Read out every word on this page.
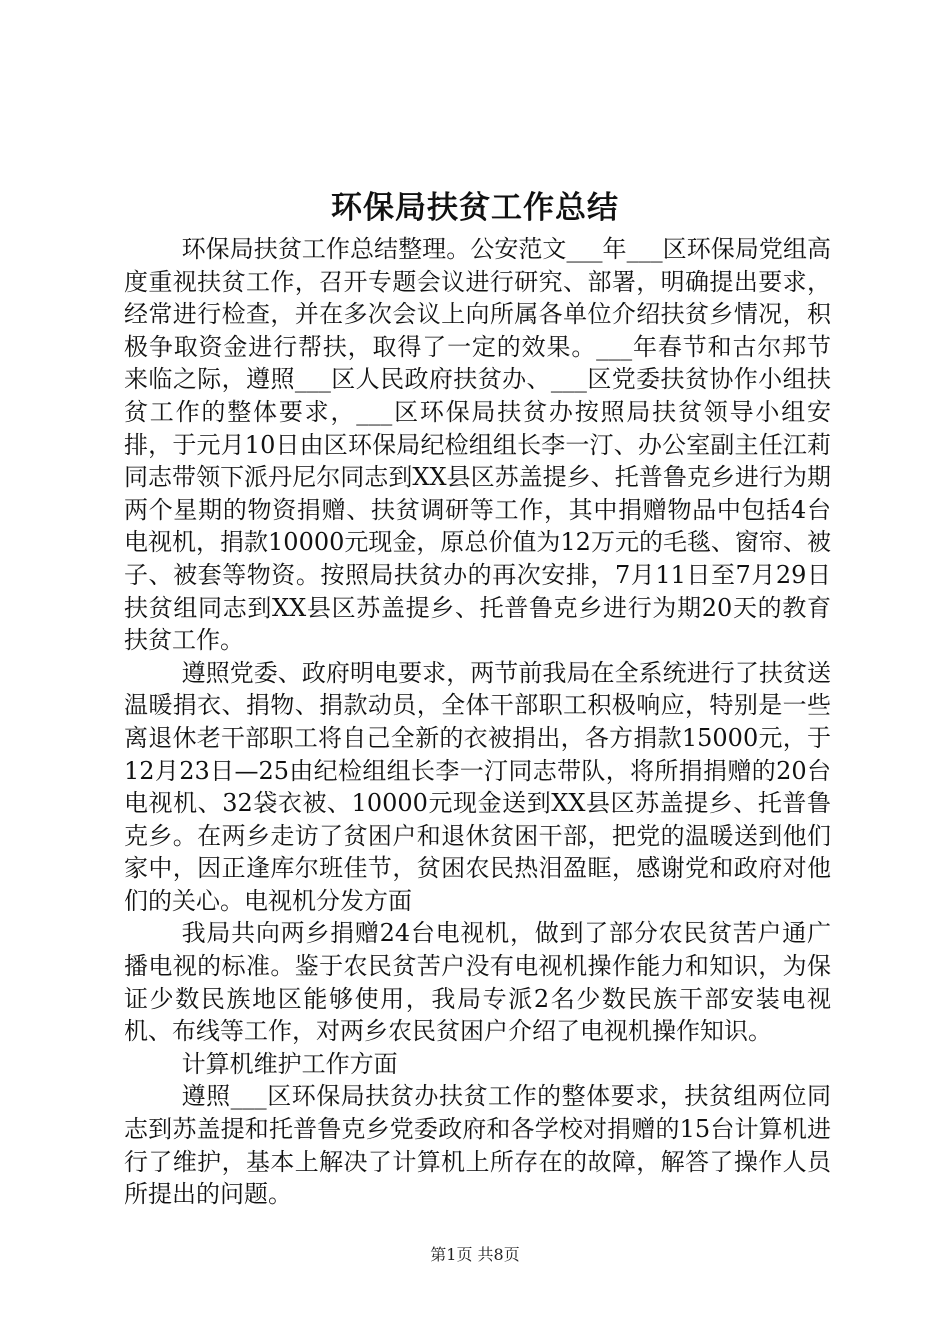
环保局扶贫工作总结

环保局扶贫工作总结整理。公安范文___年___区环保局党组高度重视扶贫工作，召开专题会议进行研究、部署，明确提出要求，经常进行检查，并在多次会议上向所属各单位介绍扶贫乡情况，积极争取资金进行帮扶，取得了一定的效果。___年春节和古尔邦节来临之际，遵照___区人民政府扶贫办、___区党委扶贫协作小组扶贫工作的整体要求，___区环保局扶贫办按照局扶贫领导小组安排，于元月10日由区环保局纪检组组长李一汀、办公室副主任江莉同志带领下派丹尼尔同志到XX县区苏盖提乡、托普鲁克乡进行为期两个星期的物资捐赠、扶贫调研等工作，其中捐赠物品中包括4台电视机，捐款10000元现金，原总价值为12万元的毛毯、窗帘、被子、被套等物资。按照局扶贫办的再次安排，7月11日至7月29日扶贫组同志到XX县区苏盖提乡、托普鲁克乡进行为期20天的教育扶贫工作。

遵照党委、政府明电要求，两节前我局在全系统进行了扶贫送温暖捐衣、捐物、捐款动员，全体干部职工积极响应，特别是一些离退休老干部职工将自己全新的衣被捐出，各方捐款15000元，于12月23日—25由纪检组组长李一汀同志带队，将所捐捐赠的20台电视机、32袋衣被、10000元现金送到XX县区苏盖提乡、托普鲁克乡。在两乡走访了贫困户和退休贫困干部，把党的温暖送到他们家中，因正逢库尔班佳节，贫困农民热泪盈眶，感谢党和政府对他们的关心。电视机分发方面

我局共向两乡捐赠24台电视机，做到了部分农民贫苦户通广播电视的标准。鉴于农民贫苦户没有电视机操作能力和知识，为保证少数民族地区能够使用，我局专派2名少数民族干部安装电视机、布线等工作，对两乡农民贫困户介绍了电视机操作知识。

计算机维护工作方面

遵照___区环保局扶贫办扶贫工作的整体要求，扶贫组两位同志到苏盖提和托普鲁克乡党委政府和各学校对捐赠的15台计算机进行了维护，基本上解决了计算机上所存在的故障，解答了操作人员所提出的问题。

第1页 共8页
